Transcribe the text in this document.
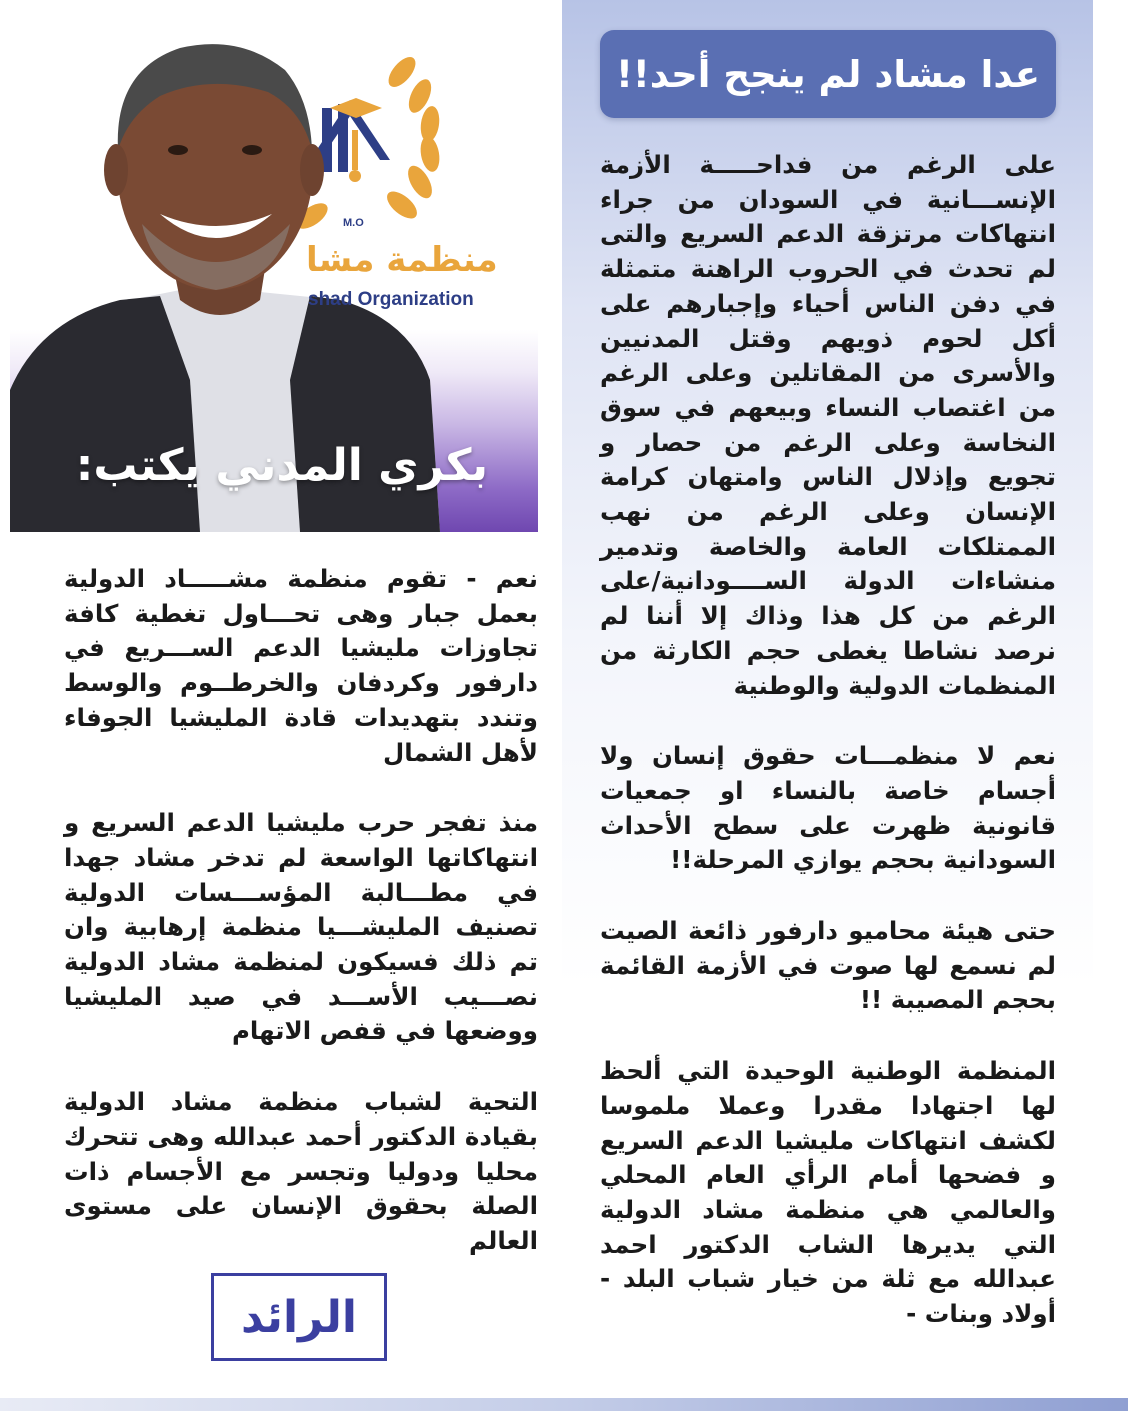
M.O
منظمة مشا
shad Organization
بكري المدني يكتب:
عدا مشاد لم ينجح أحد!!

على الرغم من فداحـــــة الأزمة الإنســـانية في السودان من جراء انتهاكات مرتزقة الدعم السريع والتى لم تحدث في الحروب الراهنة متمثلة في دفن الناس أحياء وإجبارهم على أكل لحوم ذويهم وقتل المدنيين والأسرى من المقاتلين وعلى الرغم من اغتصاب النساء وبيعهم في سوق النخاسة وعلى الرغم من حصار و تجويع وإذلال الناس وامتهان كرامة الإنسان وعلى الرغم من نهب الممتلكات العامة والخاصة وتدمير منشاءات الدولة الســــودانية/على الرغم من كل هذا وذاك إلا أننا لم نرصد نشاطا يغطى حجم الكارثة من المنظمات الدولية والوطنية

نعم لا منظمـــات حقوق إنسان ولا أجسام خاصة بالنساء او جمعيات قانونية ظهرت على سطح الأحداث السودانية بحجم يوازي المرحلة!!

حتى هيئة محاميو دارفور ذائعة الصيت لم نسمع لها صوت في الأزمة القائمة بحجم المصيبة !!

المنظمة الوطنية الوحيدة التي ألحظ لها اجتهادا مقدرا وعملا ملموسا لكشف انتهاكات مليشيا الدعم السريع و فضحها أمام الرأي العام المحلي والعالمي هي منظمة مشاد الدولية التي يديرها الشاب الدكتور احمد عبدالله مع ثلة من خيار شباب البلد - أولاد وبنات -

نعم - تقوم منظمة مشـــــاد الدولية بعمل جبار وهى تحـــاول تغطية كافة تجاوزات مليشيا الدعم الســـريع في دارفور وكردفان والخرطــوم والوسط وتندد بتهديدات قادة المليشيا الجوفاء لأهل الشمال

منذ تفجر حرب مليشيا الدعم السريع و انتهاكاتها الواسعة لم تدخر مشاد جهدا في مطـــالبة المؤســـسات الدولية تصنيف المليشـــيا منظمة إرهابية وان تم ذلك فسيكون لمنظمة مشاد الدولية نصـــيب الأســـد في صيد المليشيا ووضعها في قفص الاتهام

التحية لشباب منظمة مشاد الدولية بقيادة الدكتور أحمد عبدالله وهى تتحرك محليا ودوليا وتجسر مع الأجسام ذات الصلة بحقوق الإنسان على مستوى العالم

الرائد
